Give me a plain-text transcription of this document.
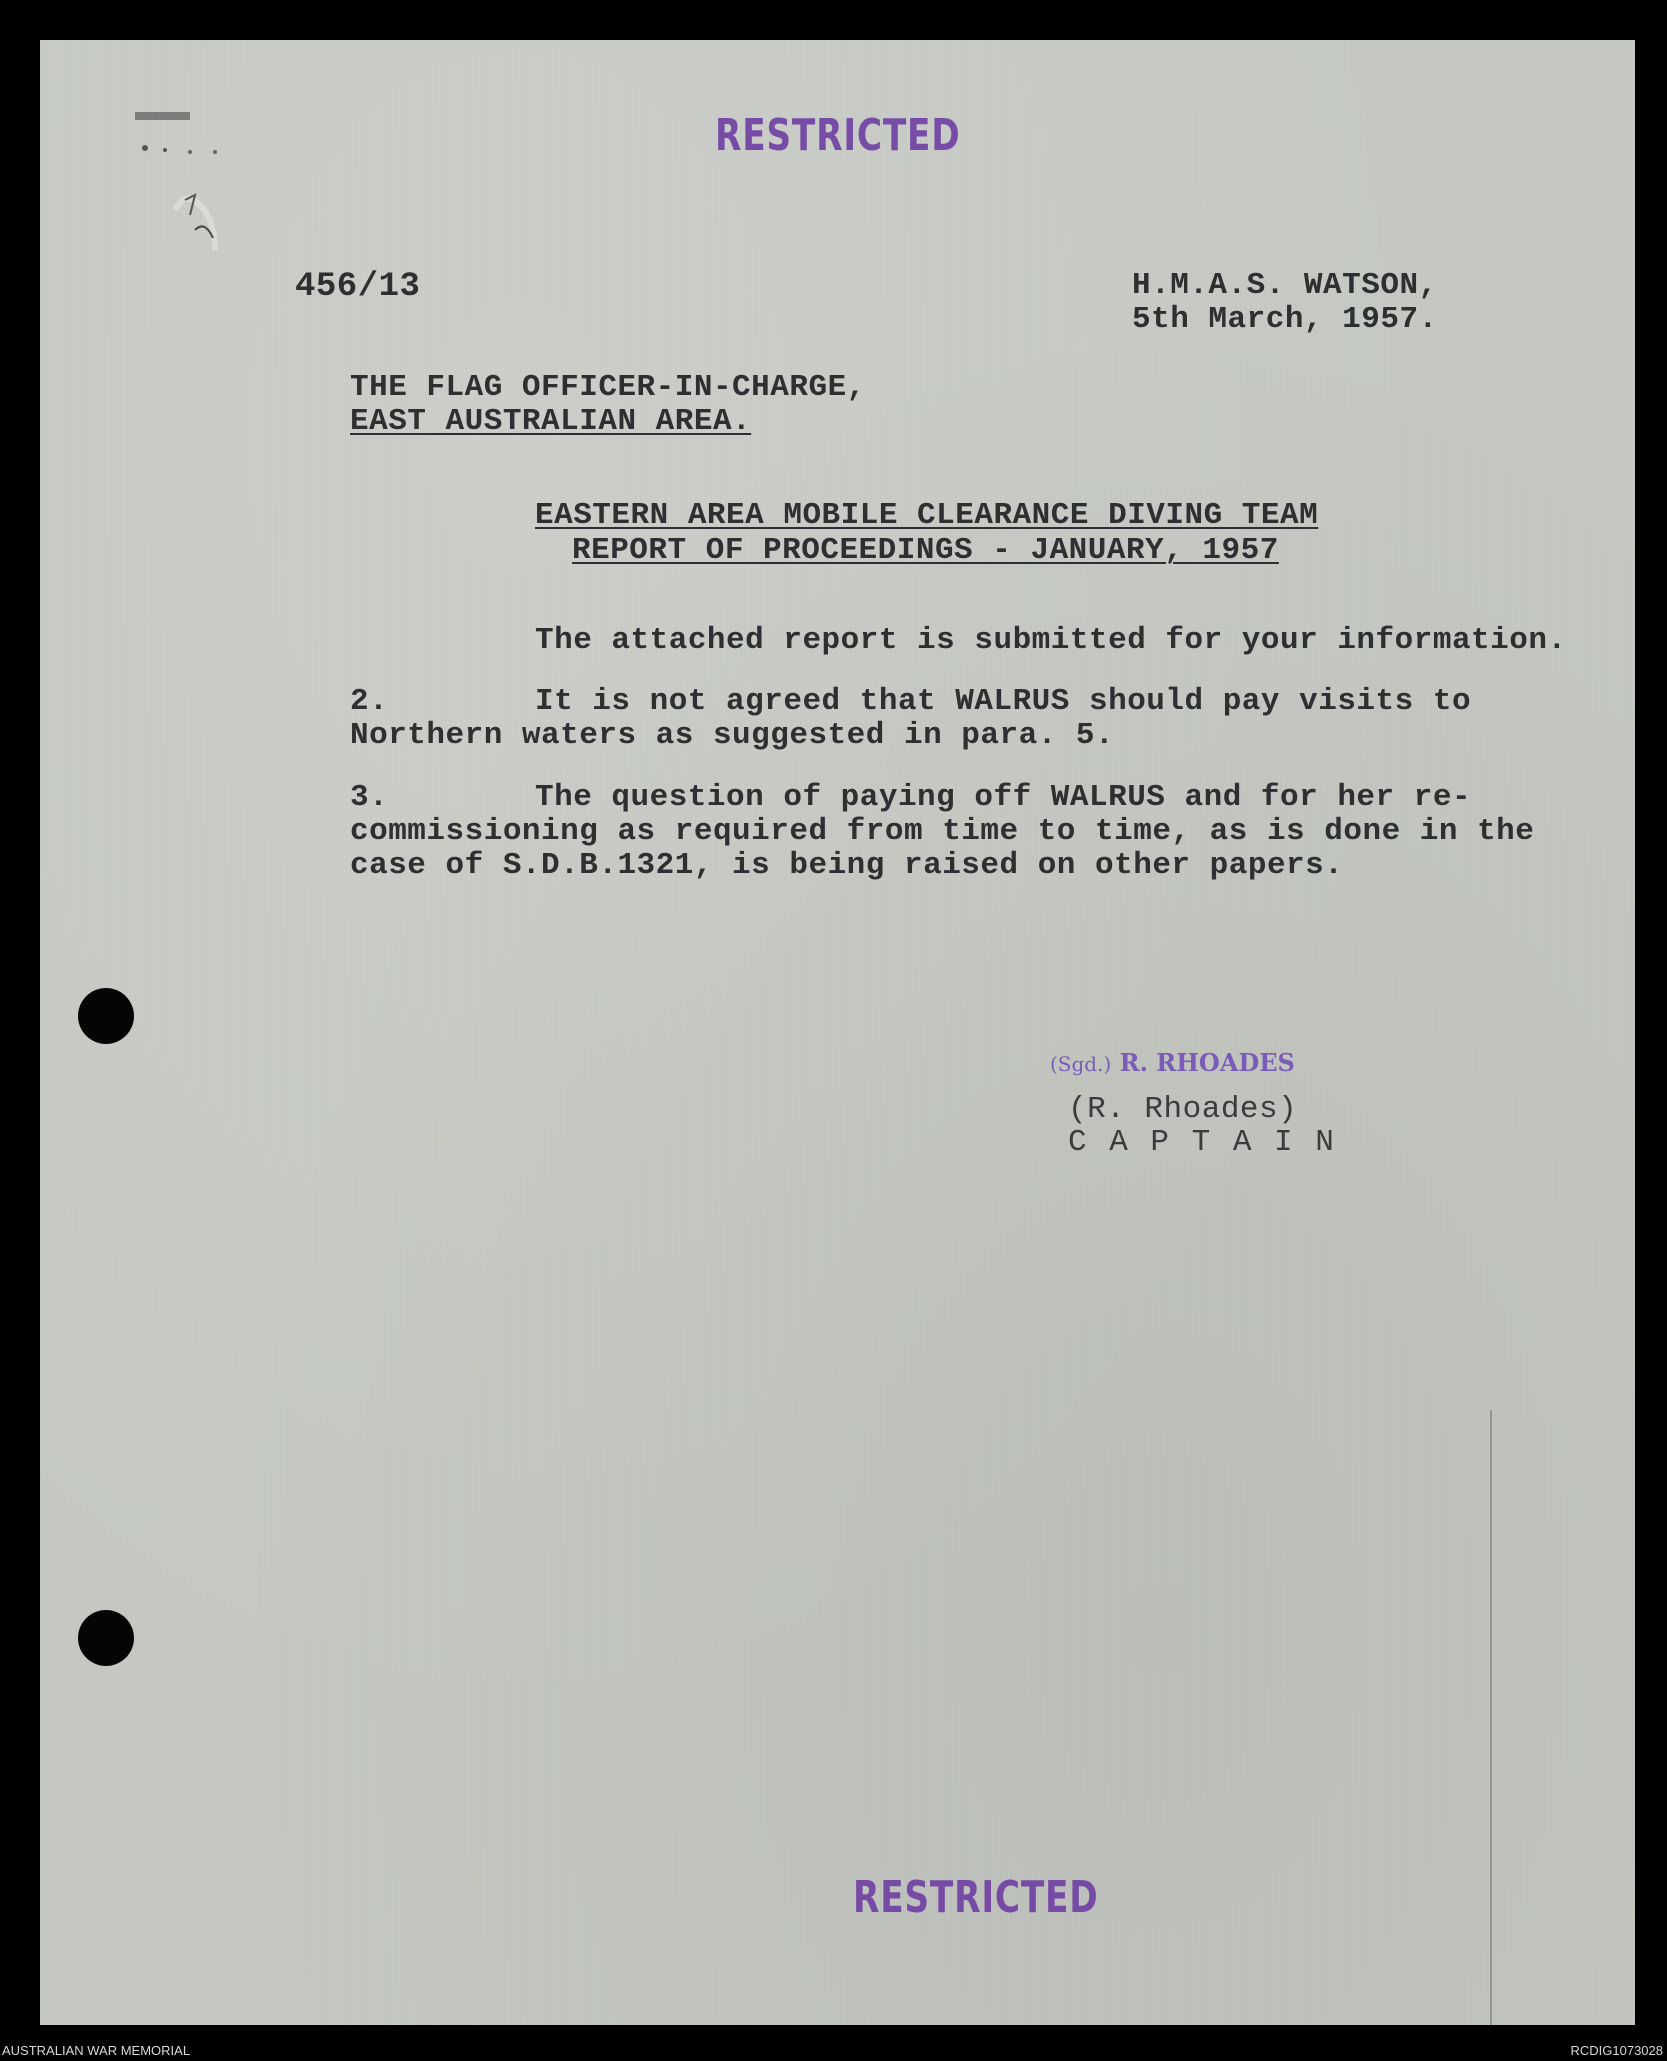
RESTRICTED
456/13	H.M.A.S. WATSON,
5th March, 1957.
THE FLAG OFFICER-IN-CHARGE,
EAST AUSTRALIAN AREA.
EASTERN AREA MOBILE CLEARANCE DIVING TEAM
REPORT OF PROCEEDINGS - JANUARY, 1957
The attached report is submitted for your information.
2.	It is not agreed that WALRUS should pay visits to
Northern waters as suggested in para. 5.
3.	The question of paying off WALRUS and for her re-
commissioning as required from time to time, as is done in the
case of S.D.B.1321, is being raised on other papers.
(Sgd.) R. RHOADES
(R. Rhoades)
C A P T A I N
RESTRICTED
AUSTRALIAN WAR MEMORIAL	RCDIG1073028
